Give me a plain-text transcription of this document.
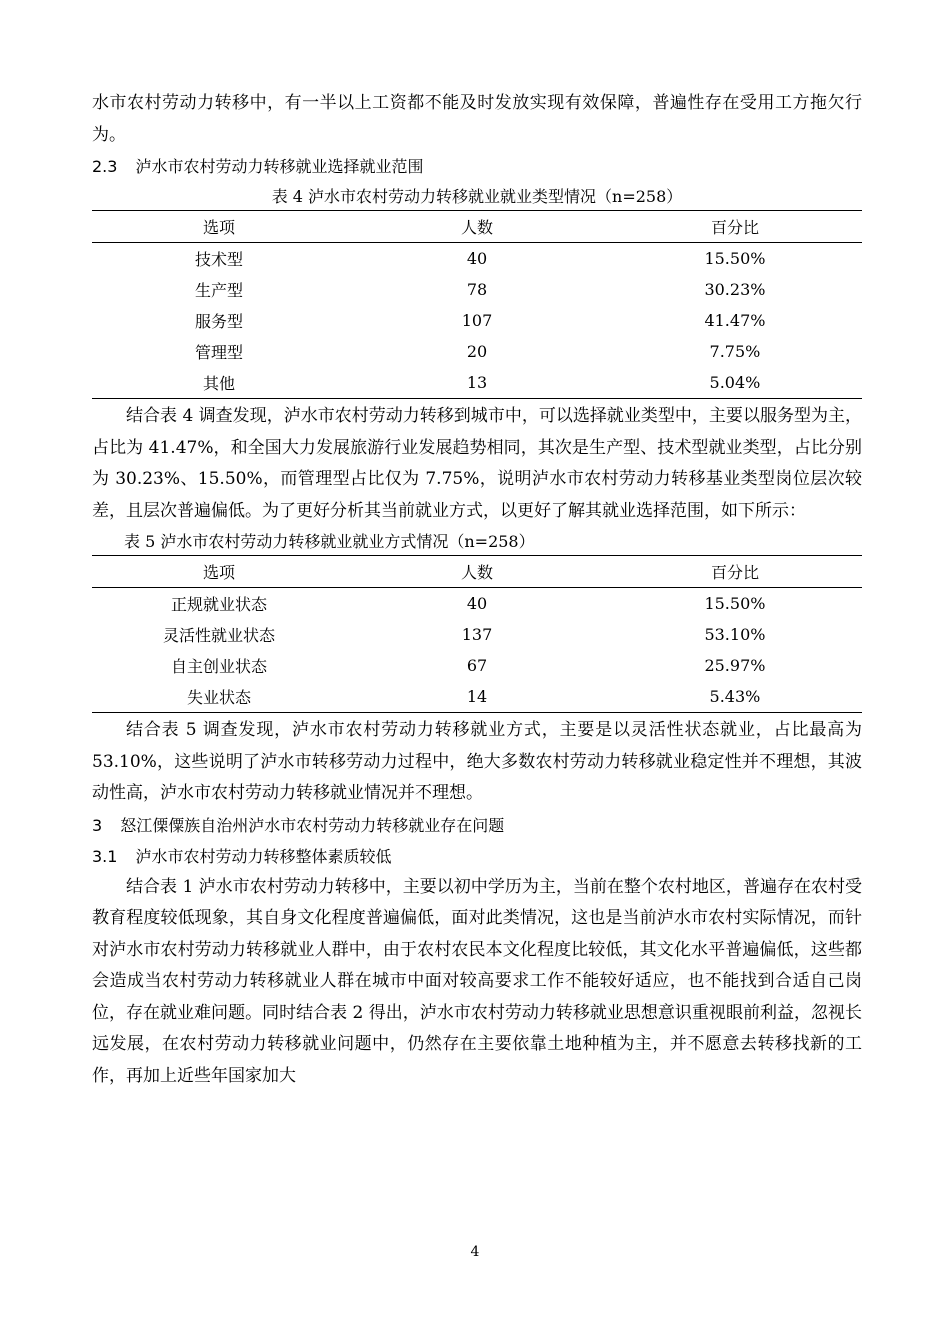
水市农村劳动力转移中，有一半以上工资都不能及时发放实现有效保障，普遍性存在受用工方拖欠行为。

2.3 泸水市农村劳动力转移就业选择就业范围
表 4 泸水市农村劳动力转移就业就业类型情况（n=258）
选项	人数	百分比
技术型	40	15.50%
生产型	78	30.23%
服务型	107	41.47%
管理型	20	7.75%
其他	13	5.04%

结合表 4 调查发现，泸水市农村劳动力转移到城市中，可以选择就业类型中，主要以服务型为主，占比为 41.47%，和全国大力发展旅游行业发展趋势相同，其次是生产型、技术型就业类型，占比分别为 30.23%、15.50%，而管理型占比仅为 7.75%，说明泸水市农村劳动力转移基业类型岗位层次较差，且层次普遍偏低。为了更好分析其当前就业方式，以更好了解其就业选择范围，如下所示：

表 5 泸水市农村劳动力转移就业就业方式情况（n=258）
选项	人数	百分比
正规就业状态	40	15.50%
灵活性就业状态	137	53.10%
自主创业状态	67	25.97%
失业状态	14	5.43%

结合表 5 调查发现，泸水市农村劳动力转移就业方式，主要是以灵活性状态就业，占比最高为 53.10%，这些说明了泸水市转移劳动力过程中，绝大多数农村劳动力转移就业稳定性并不理想，其波动性高，泸水市农村劳动力转移就业情况并不理想。

3 怒江傈僳族自治州泸水市农村劳动力转移就业存在问题
3.1 泸水市农村劳动力转移整体素质较低

结合表 1 泸水市农村劳动力转移中，主要以初中学历为主，当前在整个农村地区，普遍存在农村受教育程度较低现象，其自身文化程度普遍偏低，面对此类情况，这也是当前泸水市农村实际情况，而针对泸水市农村劳动力转移就业人群中，由于农村农民本文化程度比较低，其文化水平普遍偏低，这些都会造成当农村劳动力转移就业人群在城市中面对较高要求工作不能较好适应，也不能找到合适自己岗位，存在就业难问题。同时结合表 2 得出，泸水市农村劳动力转移就业思想意识重视眼前利益，忽视长远发展，在农村劳动力转移就业问题中，仍然存在主要依靠土地种植为主，并不愿意去转移找新的工作，再加上近些年国家加大

4
